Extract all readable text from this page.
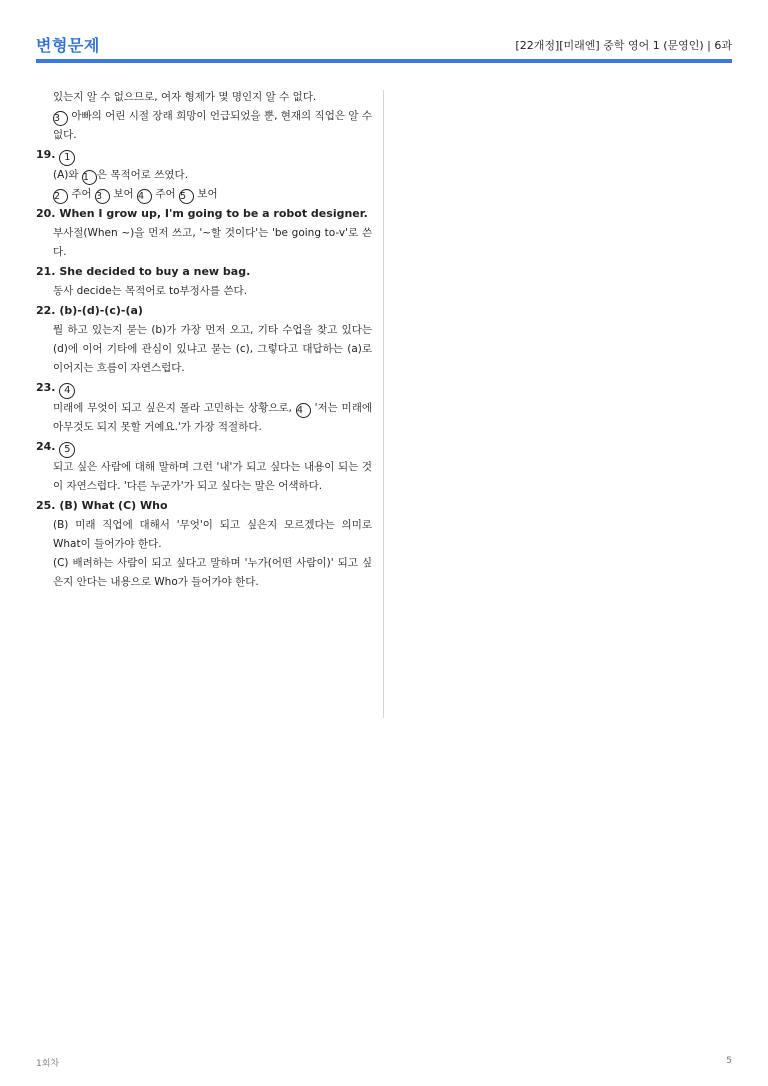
변형문제	[22개정][미래엔] 중학 영어 1 (문영인) | 6과

있는지 알 수 없으므로, 여자 형제가 몇 명인지 알 수 없다.

3 아빠의 어린 시절 장래 희망이 언급되었을 뿐, 현재의 직업은 알 수 없다.

19. 1

(A)와 1 은 목적어로 쓰였다.

2 주어 3 보어 4 주어 5 보어

20. When I grow up, I'm going to be a robot designer.

부사절(When ~)을 먼저 쓰고, '~할 것이다'는 'be going to-v'로 쓴다.

21. She decided to buy a new bag.

동사 decide는 목적어로 to부정사를 쓴다.

22. (b)-(d)-(c)-(a)

뭘 하고 있는지 묻는 (b)가 가장 먼저 오고, 기타 수업을 찾고 있다는 (d)에 이어 기타에 관심이 있냐고 묻는 (c), 그렇다고 대답하는 (a)로 이어지는 흐름이 자연스럽다.

23. 4

미래에 무엇이 되고 싶은지 몰라 고민하는 상황으로, 4 '저는 미래에 아무것도 되지 못할 거예요.'가 가장 적절하다.

24. 5

되고 싶은 사람에 대해 말하며 그런 '내'가 되고 싶다는 내용이 되는 것이 자연스럽다. '다른 누군가'가 되고 싶다는 말은 어색하다.

25. (B) What (C) Who

(B) 미래 직업에 대해서 '무엇'이 되고 싶은지 모르겠다는 의미로 What이 들어가야 한다.

(C) 배려하는 사람이 되고 싶다고 말하며 '누가(어떤 사람이)' 되고 싶은지 안다는 내용으로 Who가 들어가야 한다.

1회차	5
